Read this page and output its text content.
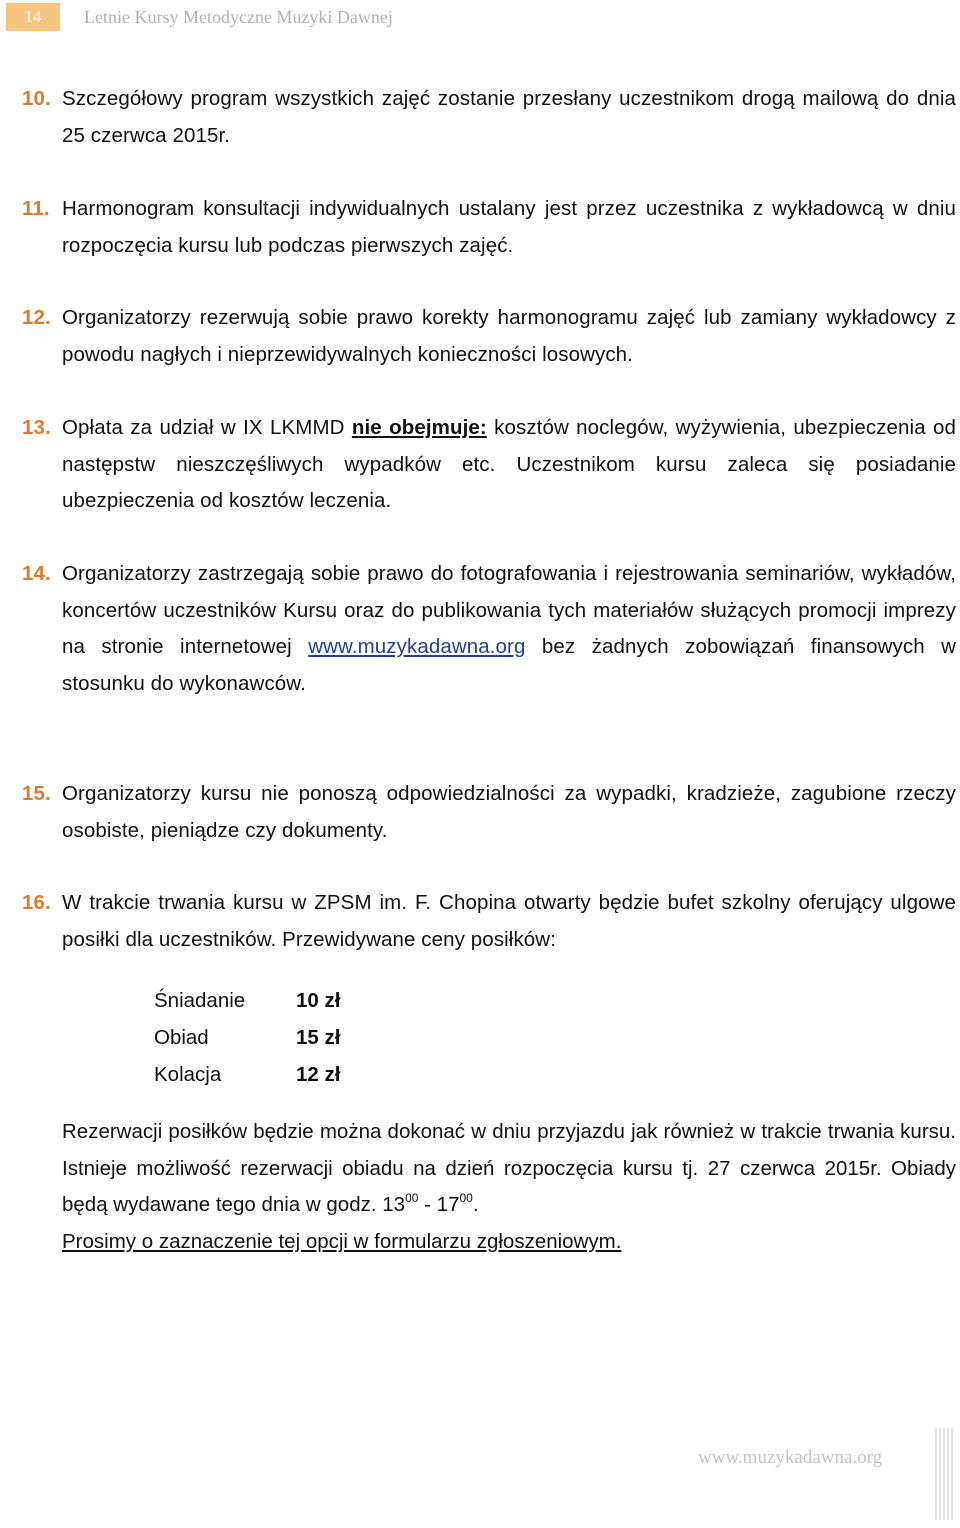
14	Letnie Kursy Metodyczne Muzyki Dawnej
10. Szczegółowy program wszystkich zajęć zostanie przesłany uczestnikom drogą mailową do dnia 25 czerwca 2015r.
11. Harmonogram konsultacji indywidualnych ustalany jest przez uczestnika z wykładowcą w dniu rozpoczęcia kursu lub podczas pierwszych zajęć.
12. Organizatorzy rezerwują sobie prawo korekty harmonogramu zajęć lub zamiany wykładowcy z powodu nagłych i nieprzewidywalnych konieczności losowych.
13. Opłata za udział w IX LKMMD nie obejmuje: kosztów noclegów, wyżywienia, ubezpieczenia od następstw nieszczęśliwych wypadków etc. Uczestnikom kursu zaleca się posiadanie ubezpieczenia od kosztów leczenia.
14. Organizatorzy zastrzegają sobie prawo do fotografowania i rejestrowania seminariów, wykładów, koncertów uczestników Kursu oraz do publikowania tych materiałów służących promocji imprezy na stronie internetowej www.muzykadawna.org bez żadnych zobowiązań finansowych w stosunku do wykonawców.
15. Organizatorzy kursu nie ponoszą odpowiedzialności za wypadki, kradzieże, zagubione rzeczy osobiste, pieniądze czy dokumenty.
16. W trakcie trwania kursu w ZPSM im. F. Chopina otwarty będzie bufet szkolny oferujący ulgowe posiłki dla uczestników. Przewidywane ceny posiłków:
Śniadanie	10 zł
Obiad	15 zł
Kolacja	12 zł
Rezerwacji posiłków będzie można dokonać w dniu przyjazdu jak również w trakcie trwania kursu. Istnieje możliwość rezerwacji obiadu na dzień rozpoczęcia kursu tj. 27 czerwca 2015r. Obiady będą wydawane tego dnia w godz. $13^{00} - 17^{00}$.
Prosimy o zaznaczenie tej opcji w formularzu zgłoszeniowym.
www.muzykadawna.org
